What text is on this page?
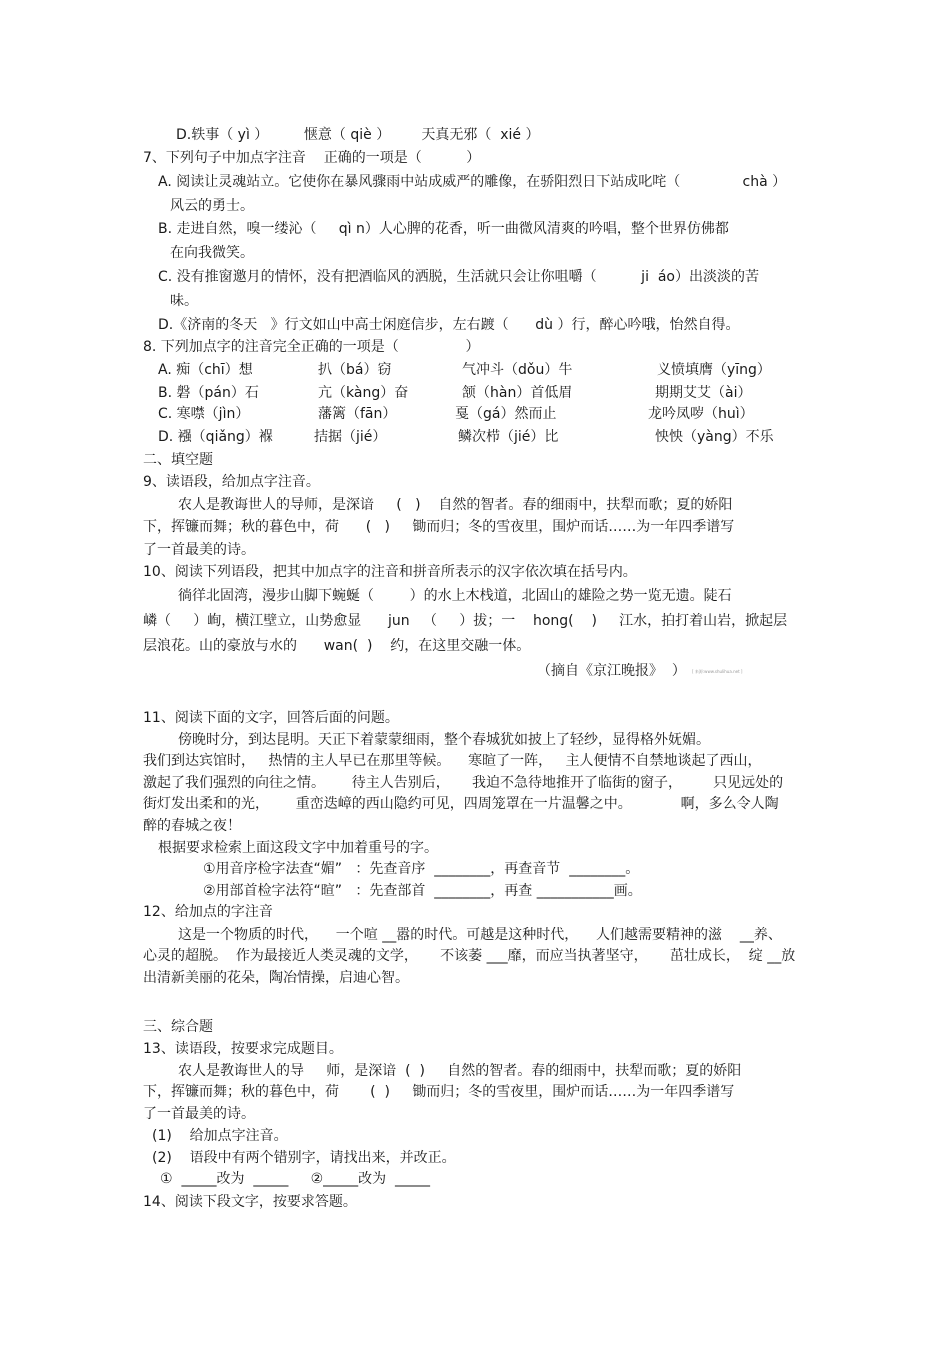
D.轶事（ yì ）        惬意（ qiè ）       天真无邪（  xié ）
7、下列句子中加点字注音    正确的一项是（          ）
A. 阅读让灵魂站立。它使你在暴风骤雨中站成威严的雕像，在骄阳烈日下站成叱咤（              chà ）
风云的勇士。
B. 走进自然，嗅一缕沁（     qì n）人心脾的花香，听一曲微风清爽的吟唱，整个世界仿佛都
在向我微笑。
C. 没有推窗邀月的情怀，没有把酒临风的洒脱，生活就只会让你咀嚼（          ji  áo）出淡淡的苦
味。
D.《济南的冬天   》行文如山中高士闲庭信步，左右踱（      dù ）行，醉心吟哦，怡然自得。
8. 下列加点字的注音完全正确的一项是（               ）
A. 痴（chī）想	扒（bá）窃	气冲斗（dǒu）牛	义愤填膺（yīng）
B. 磐（pán）石	亢（kàng）奋	颔（hàn）首低眉	期期艾艾（ài）
C. 寒噤（jìn）	藩篱（fān）	戛（gá）然而止	龙吟凤哕（huì）
D. 襁（qiǎng）褓	拮据（jié）	鳞次栉（jié）比	怏怏（yàng）不乐
二、填空题
9、读语段，给加点字注音。
农人是教诲世人的导师，是深谙     (   )    自然的智者。春的细雨中，扶犁而歌；夏的娇阳
下，挥镰而舞；秋的暮色中，荷      (   )     锄而归；冬的雪夜里，围炉而话……为一年四季谱写
了一首最美的诗。
10、阅读下列语段，把其中加点字的注音和拼音所表示的汉字依次填在括号内。
徜徉北固湾，漫步山脚下蜿蜒（        ）的水上木栈道，北固山的雄险之势一览无遗。陡石
嶙（     ）峋，横江壁立，山势愈显      jun   （     ）拔；一    hong(    )     江水，拍打着山岩，掀起层
层浪花。山的豪放与水的      wan(  )    约，在这里交融一体。
（摘自《京江晚报》  ） [ 来源:www.shulihua.net ]
11、阅读下面的文字，回答后面的问题。
傍晚时分，到达昆明。天正下着蒙蒙细雨，整个春城犹如披上了轻纱，显得格外妩媚。
我们到达宾馆时，   热情的主人早已在那里等候。    寒暄了一阵，   主人便情不自禁地谈起了西山，
激起了我们强烈的向往之情。      待主人告别后，     我迫不急待地推开了临街的窗子，       只见远处的
街灯发出柔和的光，      重峦迭嶂的西山隐约可见，四周笼罩在一片温馨之中。           啊，多么令人陶
醉的春城之夜！
根据要求检索上面这段文字中加着重号的字。
①用音序检字法查“媚”   ：先查音序  ________，再查音节  ________。
②用部首检字法符“暄”   ：先查部首  ________，再查 ___________画。
12、给加点的字注音
这是一个物质的时代，    一个喧 __嚣的时代。可越是这种时代，    人们越需要精神的滋    __养、
心灵的超脱。  作为最接近人类灵魂的文学，     不该萎 ___靡，而应当执著坚守，     茁壮成长，  绽 __放
出清新美丽的花朵，陶冶情操，启迪心智。
三、综合题
13、读语段，按要求完成题目。
农人是教诲世人的导     师，是深谙  (  )     自然的智者。春的细雨中，扶犁而歌；夏的娇阳
下，挥镰而舞；秋的暮色中，荷       (  )     锄而归；冬的雪夜里，围炉而话……为一年四季谱写
了一首最美的诗。
(1)    给加点字注音。
(2)    语段中有两个错别字，请找出来，并改正。
①  _____改为  _____     ②_____改为  _____
14、阅读下段文字，按要求答题。
